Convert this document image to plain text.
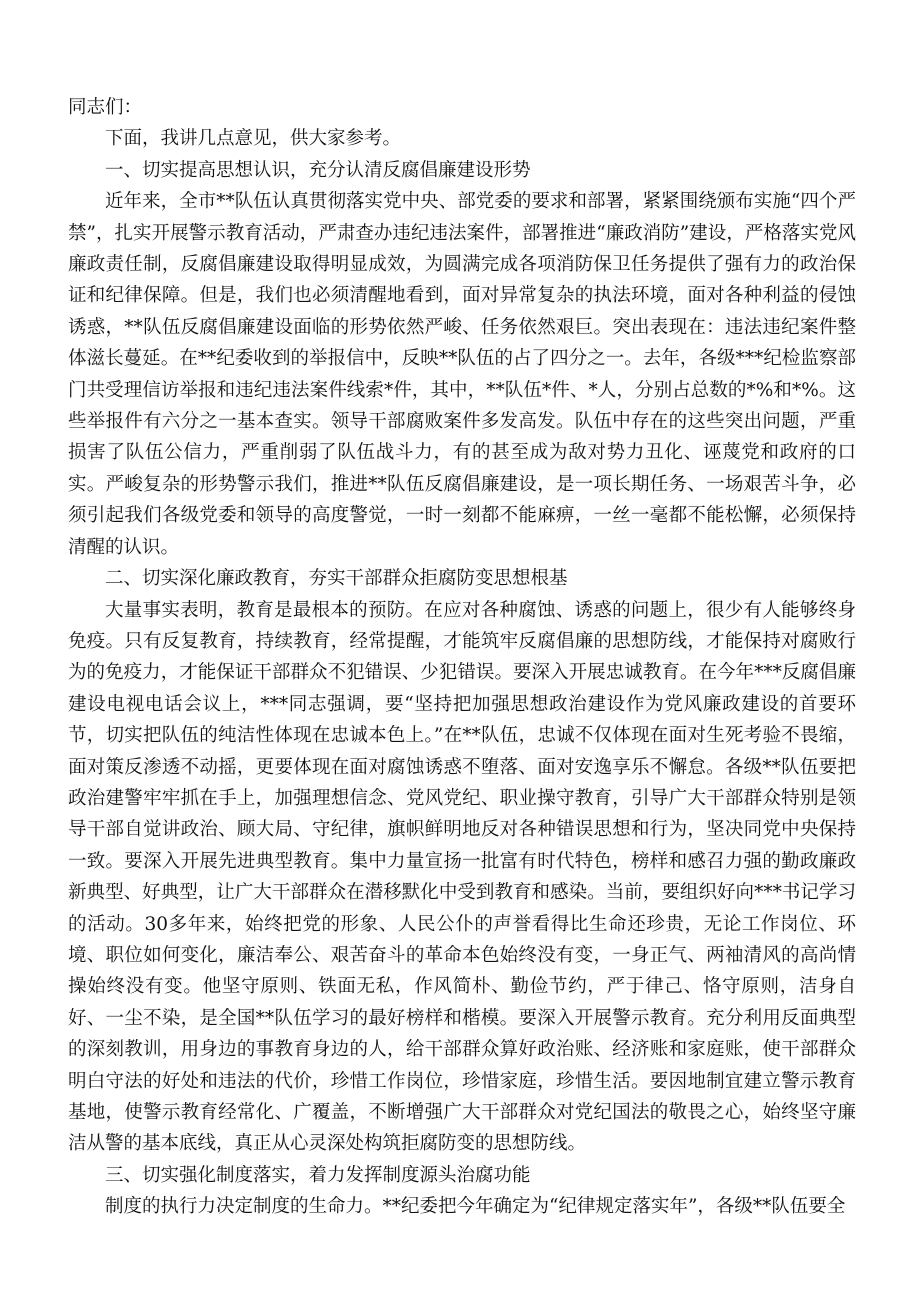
同志们：

下面，我讲几点意见，供大家参考。

一、切实提高思想认识，充分认清反腐倡廉建设形势

近年来，全市**队伍认真贯彻落实党中央、部党委的要求和部署，紧紧围绕颁布实施“四个严禁”，扎实开展警示教育活动，严肃查办违纪违法案件，部署推进“廉政消防”建设，严格落实党风廉政责任制，反腐倡廉建设取得明显成效，为圆满完成各项消防保卫任务提供了强有力的政治保证和纪律保障。但是，我们也必须清醒地看到，面对异常复杂的执法环境，面对各种利益的侵蚀诱惑，**队伍反腐倡廉建设面临的形势依然严峻、任务依然艰巨。突出表现在：违法违纪案件整体滋长蔓延。在**纪委收到的举报信中，反映**队伍的占了四分之一。去年，各级***纪检监察部门共受理信访举报和违纪违法案件线索*件，其中，**队伍*件、*人，分别占总数的*%和*%。这些举报件有六分之一基本查实。领导干部腐败案件多发高发。队伍中存在的这些突出问题，严重损害了队伍公信力，严重削弱了队伍战斗力，有的甚至成为敌对势力丑化、诬蔑党和政府的口实。严峻复杂的形势警示我们，推进**队伍反腐倡廉建设，是一项长期任务、一场艰苦斗争，必须引起我们各级党委和领导的高度警觉，一时一刻都不能麻痹，一丝一毫都不能松懈，必须保持清醒的认识。

二、切实深化廉政教育，夯实干部群众拒腐防变思想根基

大量事实表明，教育是最根本的预防。在应对各种腐蚀、诱惑的问题上，很少有人能够终身免疫。只有反复教育，持续教育，经常提醒，才能筑牢反腐倡廉的思想防线，才能保持对腐败行为的免疫力，才能保证干部群众不犯错误、少犯错误。要深入开展忠诚教育。在今年***反腐倡廉建设电视电话会议上，***同志强调，要“坚持把加强思想政治建设作为党风廉政建设的首要环节，切实把队伍的纯洁性体现在忠诚本色上。”在**队伍，忠诚不仅体现在面对生死考验不畏缩，面对策反渗透不动摇，更要体现在面对腐蚀诱惑不堕落、面对安逸享乐不懈怠。各级**队伍要把政治建警牢牢抓在手上，加强理想信念、党风党纪、职业操守教育，引导广大干部群众特别是领导干部自觉讲政治、顾大局、守纪律，旗帜鲜明地反对各种错误思想和行为，坚决同党中央保持一致。要深入开展先进典型教育。集中力量宣扬一批富有时代特色，榜样和感召力强的勤政廉政新典型、好典型，让广大干部群众在潜移默化中受到教育和感染。当前，要组织好向***书记学习的活动。30多年来，始终把党的形象、人民公仆的声誉看得比生命还珍贵，无论工作岗位、环境、职位如何变化，廉洁奉公、艰苦奋斗的革命本色始终没有变，一身正气、两袖清风的高尚情操始终没有变。他坚守原则、铁面无私，作风简朴、勤俭节约，严于律己、恪守原则，洁身自好、一尘不染，是全国**队伍学习的最好榜样和楷模。要深入开展警示教育。充分利用反面典型的深刻教训，用身边的事教育身边的人，给干部群众算好政治账、经济账和家庭账，使干部群众明白守法的好处和违法的代价，珍惜工作岗位，珍惜家庭，珍惜生活。要因地制宜建立警示教育基地，使警示教育经常化、广覆盖，不断增强广大干部群众对党纪国法的敬畏之心，始终坚守廉洁从警的基本底线，真正从心灵深处构筑拒腐防变的思想防线。

三、切实强化制度落实，着力发挥制度源头治腐功能

制度的执行力决定制度的生命力。**纪委把今年确定为“纪律规定落实年”，各级**队伍要全
